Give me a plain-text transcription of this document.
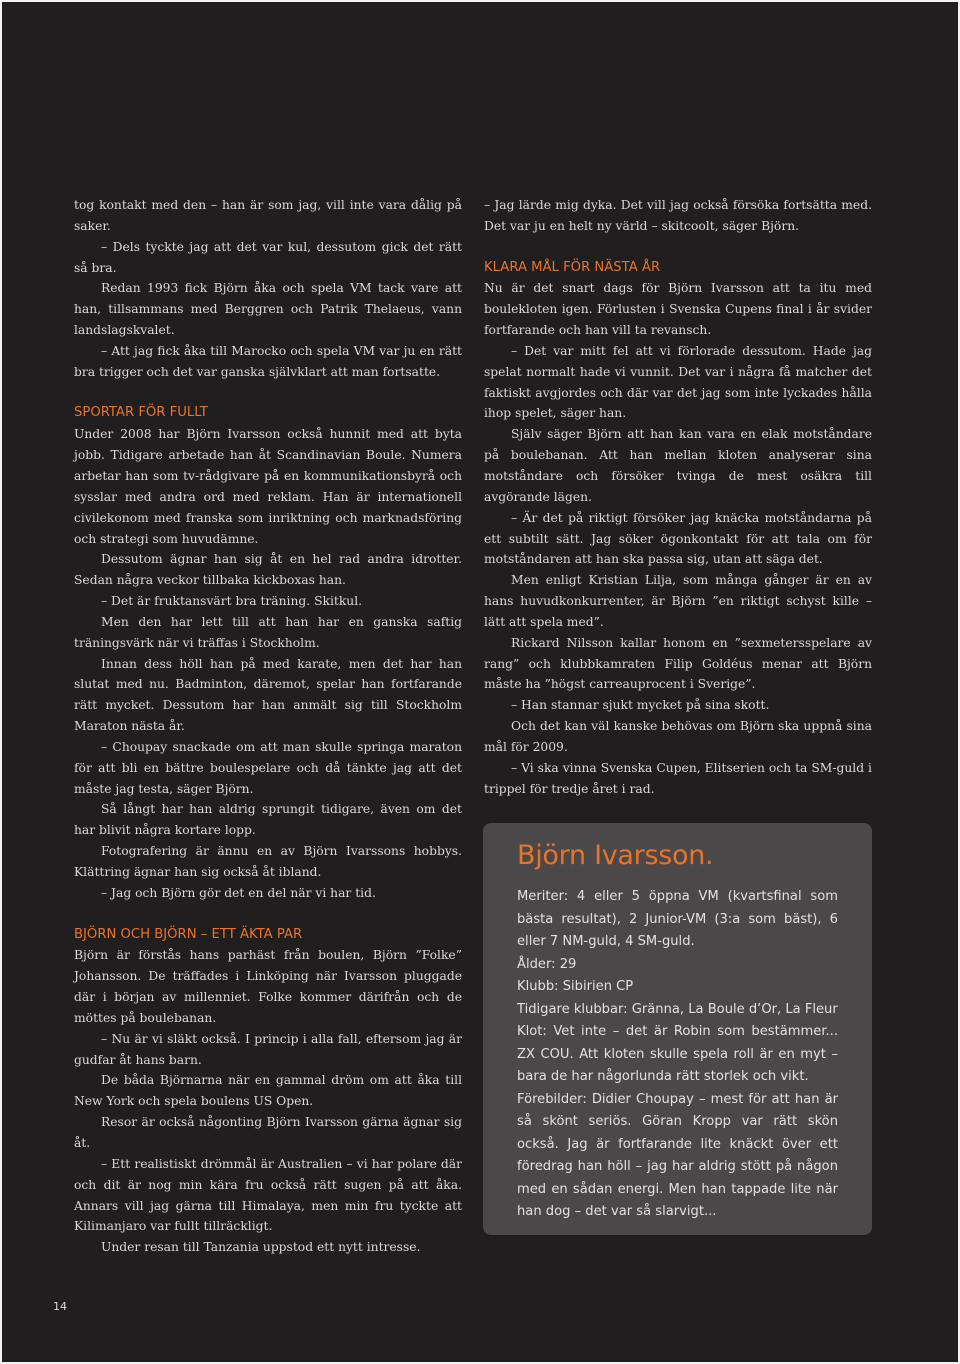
tog kontakt med den – han är som jag, vill inte vara dålig på saker.

– Dels tyckte jag att det var kul, dessutom gick det rätt så bra.

Redan 1993 fick Björn åka och spela VM tack vare att han, tillsammans med Berggren och Patrik Thelaeus, vann landslagskvalet.

– Att jag fick åka till Marocko och spela VM var ju en rätt bra trigger och det var ganska självklart att man fortsatte.

SPORTAR FÖR FULLT

Under 2008 har Björn Ivarsson också hunnit med att byta jobb. Tidigare arbetade han åt Scandinavian Boule. Numera arbetar han som tv-rådgivare på en kommunikationsbyrå och sysslar med andra ord med reklam. Han är internationell civilekonom med franska som inriktning och marknadsföring och strategi som huvudämne.

Dessutom ägnar han sig åt en hel rad andra idrotter. Sedan några veckor tillbaka kickboxas han.

– Det är fruktansvärt bra träning. Skitkul.

Men den har lett till att han har en ganska saftig träningsvärk när vi träffas i Stockholm.

Innan dess höll han på med karate, men det har han slutat med nu. Badminton, däremot, spelar han fortfarande rätt mycket. Dessutom har han anmält sig till Stockholm Maraton nästa år.

– Choupay snackade om att man skulle springa maraton för att bli en bättre boulespelare och då tänkte jag att det måste jag testa, säger Björn.

Så långt har han aldrig sprungit tidigare, även om det har blivit några kortare lopp.

Fotografering är ännu en av Björn Ivarssons hobbys. Klättring ägnar han sig också åt ibland.

– Jag och Björn gör det en del när vi har tid.

BJÖRN OCH BJÖRN – ETT ÄKTA PAR

Björn är förstås hans parhäst från boulen, Björn ”Folke” Johansson. De träffades i Linköping när Ivarsson pluggade där i början av millenniet. Folke kommer därifrån och de möttes på boulebanan.

– Nu är vi släkt också. I princip i alla fall, eftersom jag är gudfar åt hans barn.

De båda Björnarna när en gammal dröm om att åka till New York och spela boulens US Open.

Resor är också någonting Björn Ivarsson gärna ägnar sig åt.

– Ett realistiskt drömmål är Australien – vi har polare där och dit är nog min kära fru också rätt sugen på att åka. Annars vill jag gärna till Himalaya, men min fru tyckte att Kilimanjaro var fullt tillräckligt.

Under resan till Tanzania uppstod ett nytt intresse.

– Jag lärde mig dyka. Det vill jag också försöka fortsätta med. Det var ju en helt ny värld – skitcoolt, säger Björn.

KLARA MÅL FÖR NÄSTA ÅR

Nu är det snart dags för Björn Ivarsson att ta itu med boulekloten igen. Förlusten i Svenska Cupens final i år svider fortfarande och han vill ta revansch.

– Det var mitt fel att vi förlorade dessutom. Hade jag spelat normalt hade vi vunnit. Det var i några få matcher det faktiskt avgjordes och där var det jag som inte lyckades hålla ihop spelet, säger han.

Själv säger Björn att han kan vara en elak motståndare på boulebanan. Att han mellan kloten analyserar sina motståndare och försöker tvinga de mest osäkra till avgörande lägen.

– Är det på riktigt försöker jag knäcka motståndarna på ett subtilt sätt. Jag söker ögonkontakt för att tala om för motståndaren att han ska passa sig, utan att säga det.

Men enligt Kristian Lilja, som många gånger är en av hans huvudkonkurrenter, är Björn ”en riktigt schyst kille – lätt att spela med”.

Rickard Nilsson kallar honom en ”sexmetersspelare av rang” och klubbkamraten Filip Goldéus menar att Björn måste ha ”högst carreauprocent i Sverige”.

– Han stannar sjukt mycket på sina skott.

Och det kan väl kanske behövas om Björn ska uppnå sina mål för 2009.

– Vi ska vinna Svenska Cupen, Elitserien och ta SM-guld i trippel för tredje året i rad.

Björn Ivarsson.

Meriter: 4 eller 5 öppna VM (kvartsfinal som bästa resultat), 2 Junior-VM (3:a som bäst), 6 eller 7 NM-guld, 4 SM-guld.

Ålder: 29

Klubb: Sibirien CP

Tidigare klubbar: Gränna, La Boule d’Or, La Fleur

Klot: Vet inte – det är Robin som bestämmer... ZX COU. Att kloten skulle spela roll är en myt – bara de har någorlunda rätt storlek och vikt.

Förebilder: Didier Choupay – mest för att han är så skönt seriös. Göran Kropp var rätt skön också. Jag är fortfarande lite knäckt över ett föredrag han höll – jag har aldrig stött på någon med en sådan energi. Men han tappade lite när han dog – det var så slarvigt...

14
